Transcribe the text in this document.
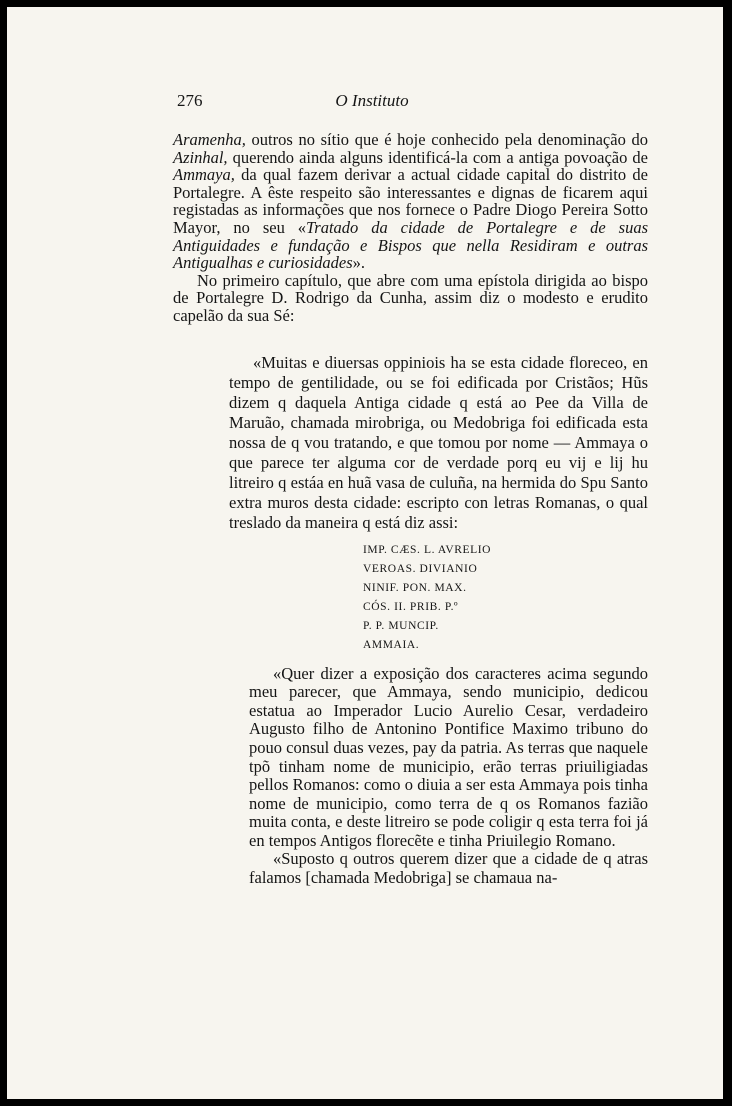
276	O Instituto

Aramenha, outros no sítio que é hoje conhecido pela denominação do Azinhal, querendo ainda alguns identificá-la com a antiga povoação de Ammaya, da qual fazem derivar a actual cidade capital do distrito de Portalegre. A êste respeito são interessantes e dignas de ficarem aqui registadas as informações que nos fornece o Padre Diogo Pereira Sotto Mayor, no seu «Tratado da cidade de Portalegre e de suas Antiguidades e fundação e Bispos que nella Residiram e outras Antigualhas e curiosidades».

No primeiro capítulo, que abre com uma epístola dirigida ao bispo de Portalegre D. Rodrigo da Cunha, assim diz o modesto e erudito capelão da sua Sé:

«Muitas e diuersas oppiniois ha se esta cidade floreceo, en tempo de gentilidade, ou se foi edificada por Cristãos; Hũs dizem q daquela Antiga cidade q está ao Pee da Villa de Maruão, chamada mirobriga, ou Medobriga foi edificada esta nossa de q vou tratando, e que tomou por nome — Ammaya o que parece ter alguma cor de verdade porq eu vij e lij hu litreiro q estáa en huã vasa de culuña, na hermida do Spu Santo extra muros desta cidade: escripto con letras Romanas, o qual treslado da maneira q está diz assi:

IMP. CÆS. L. AVRELIO
VEROAS. DIVIANIO
NINIF. PON. MAX.
CÓS. II. PRIB. P.º
P. P. MUNCIP.
AMMAIA.

«Quer dizer a exposição dos caracteres acima segundo meu parecer, que Ammaya, sendo municipio, dedicou estatua ao Imperador Lucio Aurelio Cesar, verdadeiro Augusto filho de Antonino Pontifice Maximo tribuno do pouo consul duas vezes, pay da patria. As terras que naquele tpõ tinham nome de municipio, erão terras priuiligiadas pellos Romanos: como o diuia a ser esta Ammaya pois tinha nome de municipio, como terra de q os Romanos fazião muita conta, e deste litreiro se pode coligir q esta terra foi já en tempos Antigos florecẽte e tinha Priuilegio Romano.

«Suposto q outros querem dizer que a cidade de q atras falamos [chamada Medobriga] se chamaua na-
